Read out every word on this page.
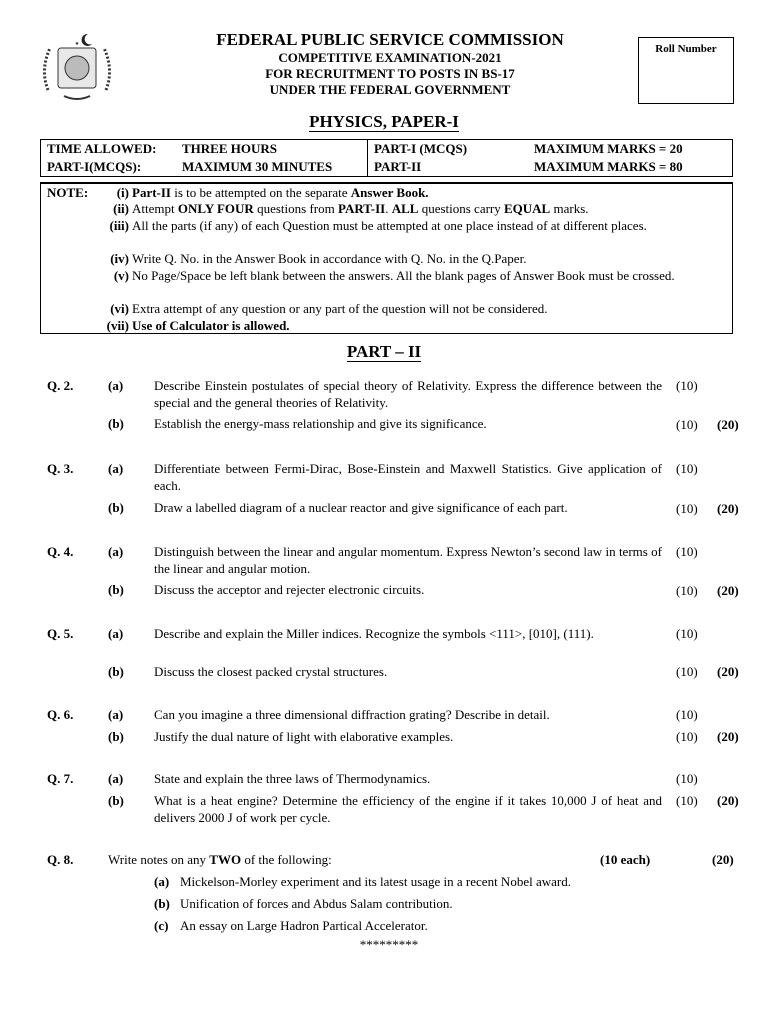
★	FEDERAL PUBLIC SERVICE COMMISSION
COMPETITIVE EXAMINATION-2021
FOR RECRUITMENT TO POSTS IN BS-17
UNDER THE FEDERAL GOVERNMENT
Roll Number
PHYSICS, PAPER-I
TIME ALLOWED:	THREE HOURS	PART-I (MCQS)	MAXIMUM MARKS = 20
PART-I(MCQS):	MAXIMUM 30 MINUTES	PART-II	MAXIMUM MARKS = 80
NOTE: (i) Part-II is to be attempted on the separate Answer Book.
(ii) Attempt ONLY FOUR questions from PART-II. ALL questions carry EQUAL marks.
(iii) All the parts (if any) of each Question must be attempted at one place instead of at different places.
(iv) Write Q. No. in the Answer Book in accordance with Q. No. in the Q.Paper.
(v) No Page/Space be left blank between the answers. All the blank pages of Answer Book must be crossed.
(vi) Extra attempt of any question or any part of the question will not be considered.
(vii) Use of Calculator is allowed.
PART – II
Q. 2.	(a) Describe Einstein postulates of special theory of Relativity. Express the difference between the special and the general theories of Relativity.
(10)
(b) Establish the energy-mass relationship and give its significance.	(10) (20)
Q. 3.	(a) Differentiate between Fermi-Dirac, Bose-Einstein and Maxwell Statistics. Give application of each.
(10)
(b) Draw a labelled diagram of a nuclear reactor and give significance of each part.	(10) (20)
Q. 4.	(a) Distinguish between the linear and angular momentum. Express Newton’s second law in terms of the linear and angular motion.
(10)
(b) Discuss the acceptor and rejecter electronic circuits.	(10) (20)
Q. 5.	(a) Describe and explain the Miller indices. Recognize the symbols <111>, [010], (111).	(10)
(b) Discuss the closest packed crystal structures.	(10) (20)
Q. 6.	(a) Can you imagine a three dimensional diffraction grating? Describe in detail.	(10)
(b) Justify the dual nature of light with elaborative examples.	(10) (20)
Q. 7.	(a) State and explain the three laws of Thermodynamics.	(10)
(b) What is a heat engine? Determine the efficiency of the engine if it takes 10,000 J of heat and delivers 2000 J of work per cycle.
(10) (20)
Q. 8.	Write notes on any TWO of the following:	(10 each)	(20)
(a) Mickelson-Morley experiment and its latest usage in a recent Nobel award.
(b) Unification of forces and Abdus Salam contribution.
(c) An essay on Large Hadron Partical Accelerator.
*********
